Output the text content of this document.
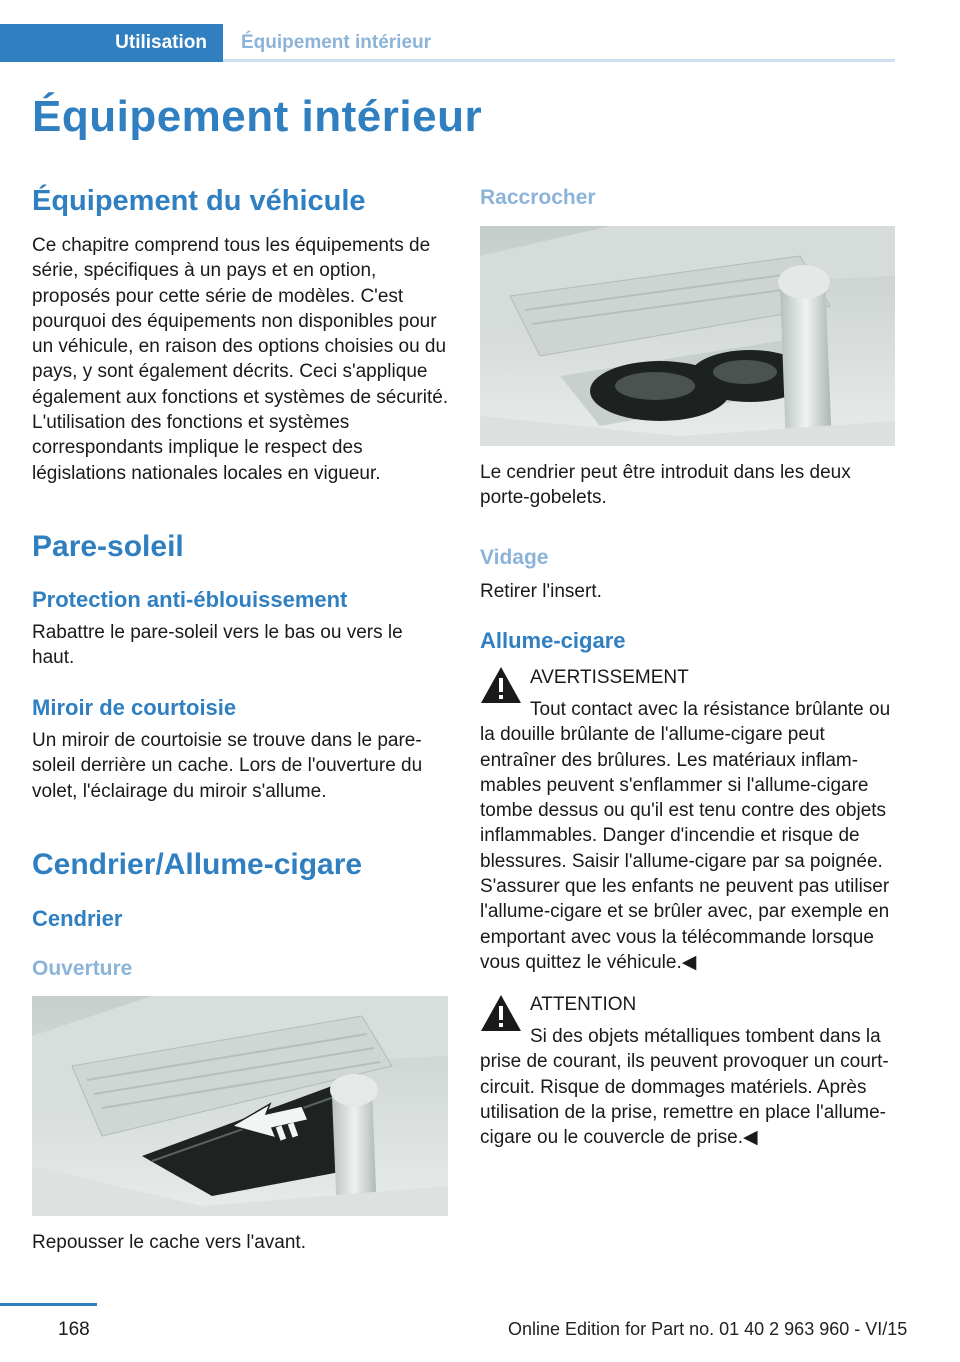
Utilisation	Équipement intérieur
Équipement intérieur
Équipement du véhicule

Ce chapitre comprend tous les équipements de série, spécifiques à un pays et en option, proposés pour cette série de modèles. C'est pourquoi des équipements non disponibles pour un véhicule, en raison des options choisies ou du pays, y sont également décrits. Ceci s'applique également aux fonctions et systèmes de sécurité. L'utilisation des fonctions et systèmes correspondants implique le respect des législations nationales locales en vigueur.

Pare-soleil
Protection anti-éblouissement

Rabattre le pare-soleil vers le bas ou vers le haut.

Miroir de courtoisie

Un miroir de courtoisie se trouve dans le paresoleil derrière un cache. Lors de l'ouverture du volet, l'éclairage du miroir s'allume.

Cendrier/Allume-cigare
Cendrier
Ouverture

Repousser le cache vers l'avant.

Raccrocher

Le cendrier peut être introduit dans les deux porte-gobelets.

Vidage

Retirer l'insert.

Allume-cigare

AVERTISSEMENT

Tout contact avec la résistance brûlante ou la douille brûlante de l'allume-cigare peut entraîner des brûlures. Les matériaux inflammables peuvent s'enflammer si l'allume-cigare tombe dessus ou qu'il est tenu contre des objets inflammables. Danger d'incendie et risque de blessures. Saisir l'allume-cigare par sa poignée. S'assurer que les enfants ne peuvent pas utiliser l'allume-cigare et se brûler avec, par exemple en emportant avec vous la télécommande lorsque vous quittez le véhicule.◀

ATTENTION

Si des objets métalliques tombent dans la prise de courant, ils peuvent provoquer un court-circuit. Risque de dommages matériels. Après utilisation de la prise, remettre en place l'allume-cigare ou le couvercle de prise.◀

168	Online Edition for Part no. 01 40 2 963 960 - VI/15
